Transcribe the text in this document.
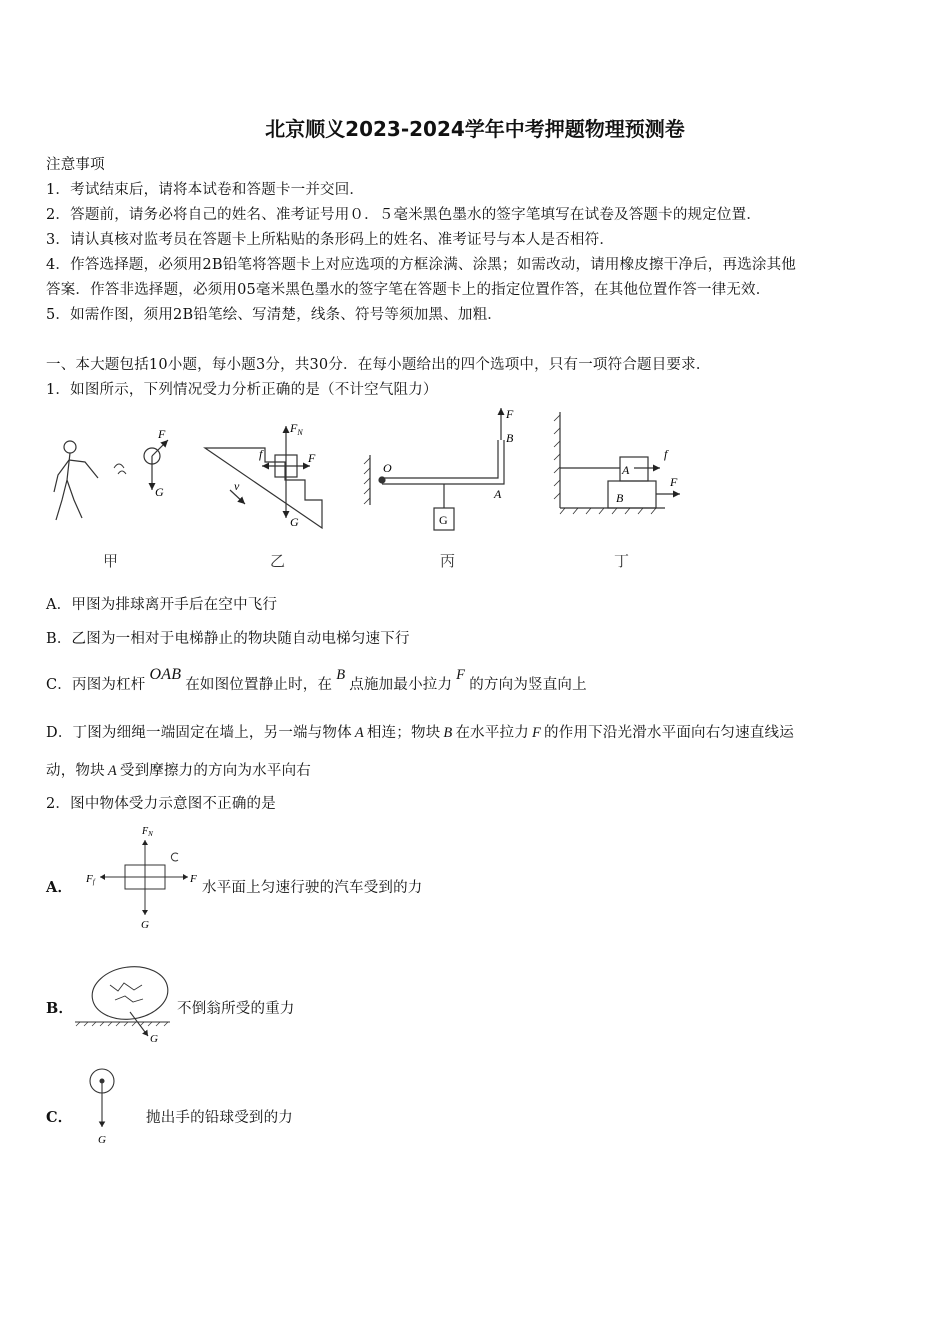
北京顺义2023-2024学年中考押题物理预测卷
注意事项
1．考试结束后，请将本试卷和答题卡一并交回．
2．答题前，请务必将自己的姓名、准考证号用０．５毫米黑色墨水的签字笔填写在试卷及答题卡的规定位置．
3．请认真核对监考员在答题卡上所粘贴的条形码上的姓名、准考证号与本人是否相符．
4．作答选择题，必须用2B铅笔将答题卡上对应选项的方框涂满、涂黑；如需改动，请用橡皮擦干净后，再选涂其他
答案．作答非选择题，必须用05毫米黑色墨水的签字笔在答题卡上的指定位置作答，在其他位置作答一律无效．
5．如需作图，须用2B铅笔绘、写清楚，线条、符号等须加黑、加粗．
一、本大题包括10小题，每小题3分，共30分．在每小题给出的四个选项中，只有一项符合题目要求．
1．如图所示，下列情况受力分析正确的是（不计空气阻力）
F
G
$F_N$
F
f
G
v
F
B
O
A
G
A
B
f
F
甲	乙	丙	丁
A．甲图为排球离开手后在空中飞行
B．乙图为一相对于电梯静止的物块随自动电梯匀速下行
C．丙图为杠杆OAB在如图位置静止时，在B点施加最小拉力F的方向为竖直向上
D．丁图为细绳一端固定在墙上，另一端与物体 A 相连；物块 B 在水平拉力 F 的作用下沿光滑水平面向右匀速直线运
动，物块 A 受到摩擦力的方向为水平向右
2．图中物体受力示意图不正确的是
A．
$F_N$
Ff	F
G
水平面上匀速行驶的汽车受到的力
B．
G
不倒翁所受的重力
C．
G
抛出手的铅球受到的力
